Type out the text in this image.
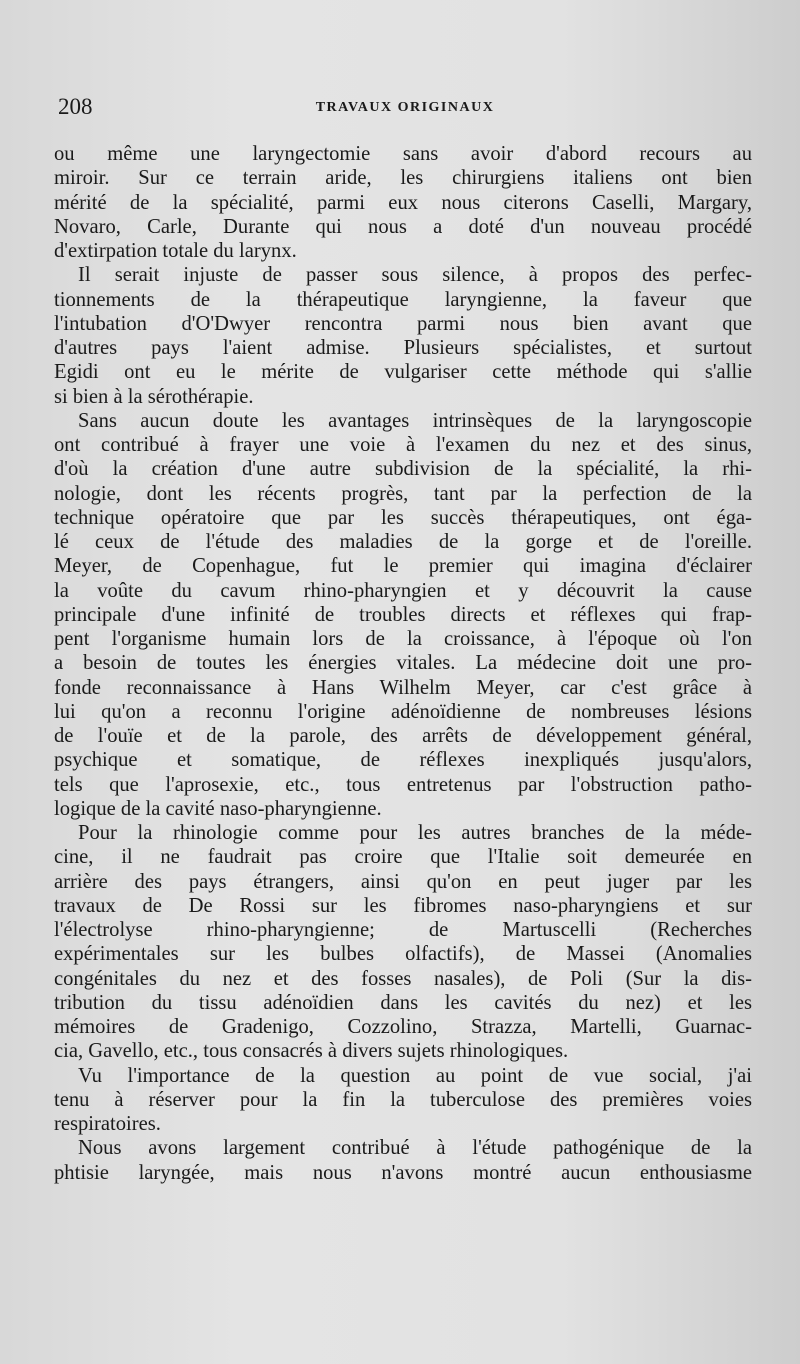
208	TRAVAUX ORIGINAUX
ou même une laryngectomie sans avoir d'abord recours au
miroir. Sur ce terrain aride, les chirurgiens italiens ont bien
mérité de la spécialité, parmi eux nous citerons Caselli, Margary,
Novaro, Carle, Durante qui nous a doté d'un nouveau procédé
d'extirpation totale du larynx.
Il serait injuste de passer sous silence, à propos des perfec-
tionnements de la thérapeutique laryngienne, la faveur que
l'intubation d'O'Dwyer rencontra parmi nous bien avant que
d'autres pays l'aient admise. Plusieurs spécialistes, et surtout
Egidi ont eu le mérite de vulgariser cette méthode qui s'allie
si bien à la sérothérapie.
Sans aucun doute les avantages intrinsèques de la laryngoscopie
ont contribué à frayer une voie à l'examen du nez et des sinus,
d'où la création d'une autre subdivision de la spécialité, la rhi-
nologie, dont les récents progrès, tant par la perfection de la
technique opératoire que par les succès thérapeutiques, ont éga-
lé ceux de l'étude des maladies de la gorge et de l'oreille.
Meyer, de Copenhague, fut le premier qui imagina d'éclairer
la voûte du cavum rhino-pharyngien et y découvrit la cause
principale d'une infinité de troubles directs et réflexes qui frap-
pent l'organisme humain lors de la croissance, à l'époque où l'on
a besoin de toutes les énergies vitales. La médecine doit une pro-
fonde reconnaissance à Hans Wilhelm Meyer, car c'est grâce à
lui qu'on a reconnu l'origine adénoïdienne de nombreuses lésions
de l'ouïe et de la parole, des arrêts de développement général,
psychique et somatique, de réflexes inexpliqués jusqu'alors,
tels que l'aprosexie, etc., tous entretenus par l'obstruction patho-
logique de la cavité naso-pharyngienne.
Pour la rhinologie comme pour les autres branches de la méde-
cine, il ne faudrait pas croire que l'Italie soit demeurée en
arrière des pays étrangers, ainsi qu'on en peut juger par les
travaux de De Rossi sur les fibromes naso-pharyngiens et sur
l'électrolyse rhino-pharyngienne; de Martuscelli (Recherches
expérimentales sur les bulbes olfactifs), de Massei (Anomalies
congénitales du nez et des fosses nasales), de Poli (Sur la dis-
tribution du tissu adénoïdien dans les cavités du nez) et les
mémoires de Gradenigo, Cozzolino, Strazza, Martelli, Guarnac-
cia, Gavello, etc., tous consacrés à divers sujets rhinologiques.
Vu l'importance de la question au point de vue social, j'ai
tenu à réserver pour la fin la tuberculose des premières voies
respiratoires.
Nous avons largement contribué à l'étude pathogénique de la
phtisie laryngée, mais nous n'avons montré aucun enthousiasme
